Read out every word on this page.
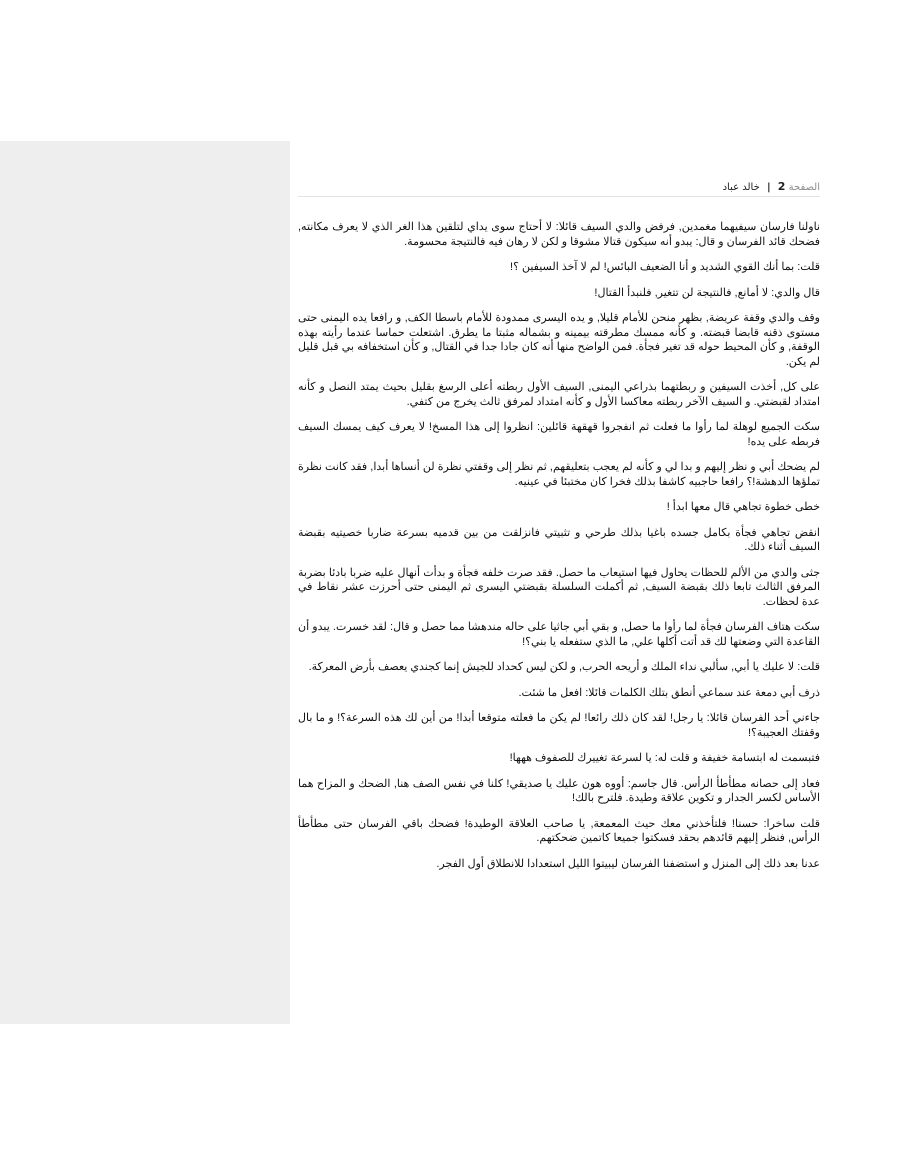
الصفحة 2 | خالد عباد

ناولنا فارسان سيفيهما مغمدين, فرفض والدي السيف قائلا: لا أحتاج سوى يداي لتلقين هذا الغر الذي لا يعرف مكانته, فضحك قائد الفرسان و قال: يبدو أنه سيكون قتالا مشوقا و لكن لا رهان فيه فالنتيجة محسومة.

قلت: بما أنك القوي الشديد و أنا الضعيف البائس! لم لا آخذ السيفين ؟!

قال والدي: لا أمانع, فالنتيجة لن تتغير, فلنبدأ القتال!

وقف والدي وقفة عريضة, بظهر منحن للأمام قليلا, و يده اليسرى ممدودة للأمام باسطا الكف, و رافعا يده اليمنى حتى مستوى ذقنه قابضا قبضته. و كأنه ممسك مطرقته بيمينه و بشماله مثبتا ما يطرق. اشتعلت حماسا عندما رأيته بهذه الوقفة, و كأن المحيط حوله قد تغير فجأة. فمن الواضح منها أنه كان جادا جدا في القتال, و كأن استخفافه بي قبل قليل لم يكن.

على كل, أخذت السيفين و ربطتهما بذراعي اليمنى, السيف الأول ربطته أعلى الرسغ بقليل بحيث يمتد النصل و كأنه امتداد لقبضتي. و السيف الآخر ربطته معاكسا الأول و كأنه امتداد لمرفق ثالث يخرج من كتفي.

سكت الجميع لوهلة لما رأوا ما فعلت ثم انفجروا قهقهة قائلين: انظروا إلى هذا المسخ! لا يعرف كيف يمسك السيف فربطه على يده!

لم يضحك أبي و نظر إليهم و بدا لي و كأنه لم يعجب بتعليقهم, ثم نظر إلى وقفتي نظرة لن أنساها أبدا, فقد كانت نظرة تملؤها الدهشة!؟ رافعا حاجبيه كاشفا بذلك فخرا كان مختبئا في عينيه.

خطى خطوة تجاهي قال معها ابدأ !

انقض تجاهي فجأة بكامل جسده باغيا بذلك طرحي و تثبيتي فانزلقت من بين قدميه بسرعة ضاربا خصيتيه بقبضة السيف أثناء ذلك.

جثى والدي من الألم للحظات يحاول فيها استيعاب ما حصل. فقد صرت خلفه فجأة و بدأت أنهال عليه ضربا بادئا بضربة المرفق الثالث تابعا ذلك بقبضة السيف, ثم أكملت السلسلة بقبضتي اليسرى ثم اليمنى حتى أحرزت عشر نقاط في عدة لحظات.

سكت هتاف الفرسان فجأة لما رأوا ما حصل, و بقي أبي جاثيا على حاله مندهشا مما حصل و قال: لقد خسرت. يبدو أن القاعدة التي وضعتها لك قد أتت أكلها علي, ما الذي ستفعله يا بني؟!

قلت: لا عليك يا أبي, سألبي نداء الملك و أريحه الحرب, و لكن ليس كحداد للجيش إنما كجندي يعصف بأرض المعركة.

ذرف أبي دمعة عند سماعي أنطق بتلك الكلمات قائلا: افعل ما شئت.

جاءني أحد الفرسان قائلا: يا رجل! لقد كان ذلك رائعا! لم يكن ما فعلته متوقعا أبدا! من أين لك هذه السرعة؟! و ما بال وقفتك العجيبة؟!

فتبسمت له ابتسامة خفيفة و قلت له: يا لسرعة تغييرك للصفوف ههها!

فعاد إلى حصانه مطأطأ الرأس. قال جاسم: أووه هون عليك يا صديقي! كلنا في نفس الصف هنا, الضحك و المزاح هما الأساس لكسر الجدار و تكوين علاقة وطيدة. فلترح بالك!

قلت ساخرا: حسنا! فلتأخذني معك حيث المعمعة, يا صاحب العلاقة الوطيدة! فضحك باقي الفرسان حتى مطأطأ الرأس, فنظر إليهم قائدهم بحقد فسكتوا جميعا كاتمين ضحكتهم.

عدنا بعد ذلك إلى المنزل و استضفنا الفرسان ليبيتوا الليل استعدادا للانطلاق أول الفجر.
